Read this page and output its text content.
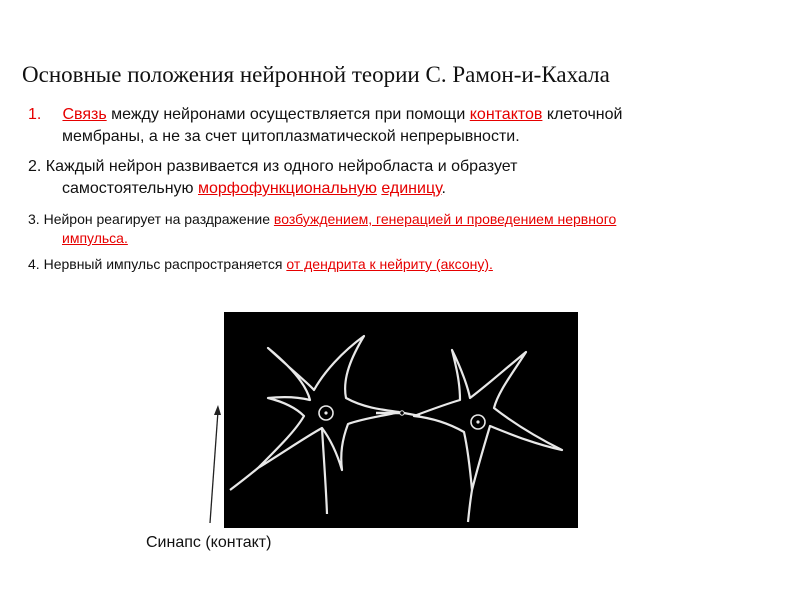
Основные положения нейронной теории С. Рамон-и-Кахала
1. Связь между нейронами осуществляется при помощи контактов клеточной
мембраны, а не за счет цитоплазматической непрерывности.
2. Каждый нейрон развивается из одного нейробласта и образует
самостоятельную морфофункциональную единицу.
3. Нейрон реагирует на раздражение возбуждением, генерацией и проведением нервного
импульса.
4. Нервный импульс распространяется от дендрита к нейриту (аксону).
Синапс (контакт)
